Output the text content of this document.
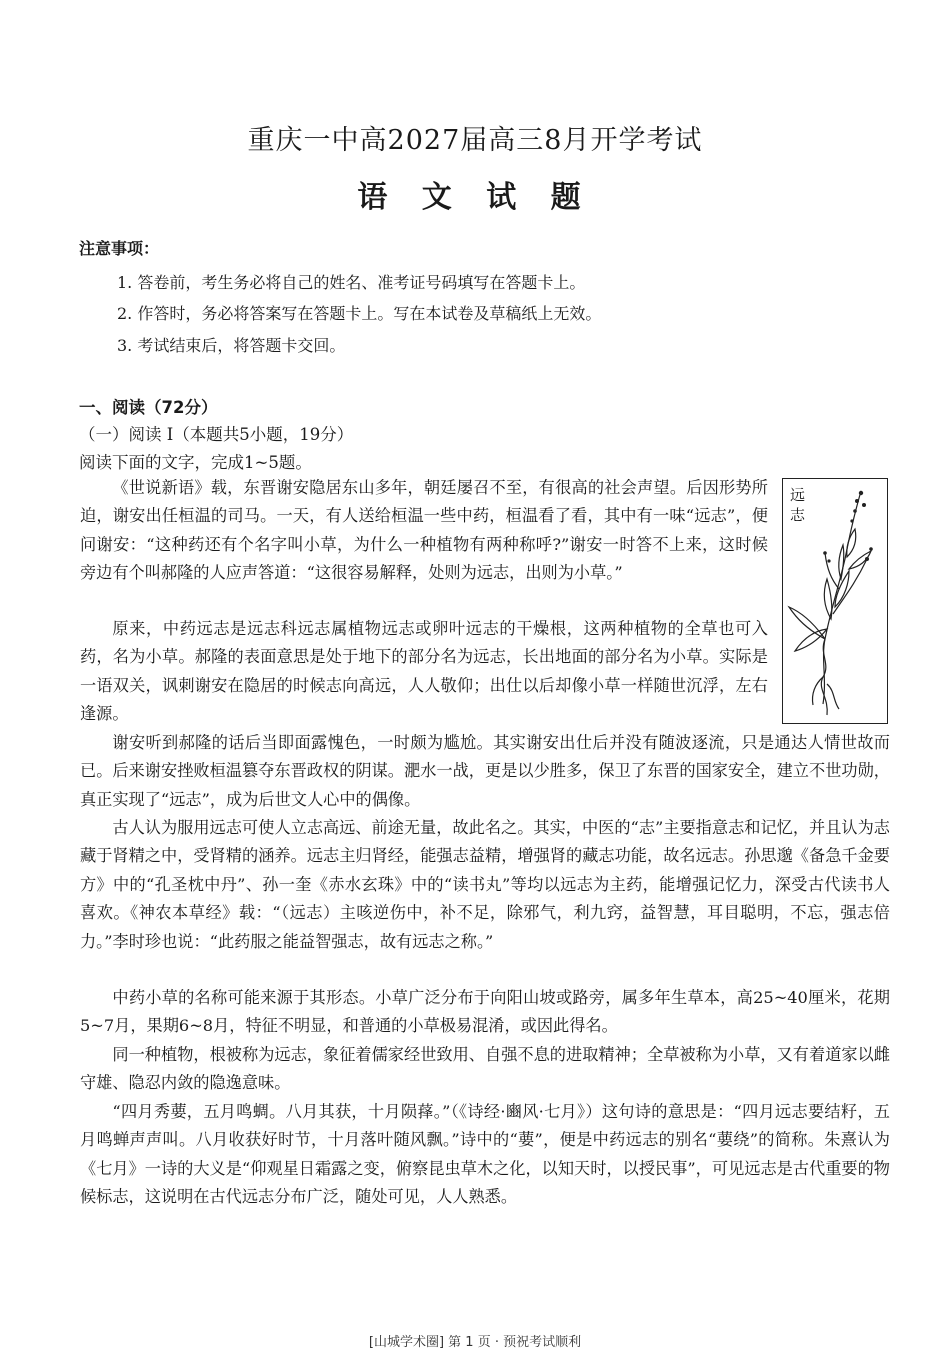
重庆一中高2027届高三8月开学考试
语 文 试 题
注意事项：
1. 答卷前，考生务必将自己的姓名、准考证号码填写在答题卡上。
2. 作答时，务必将答案写在答题卡上。写在本试卷及草稿纸上无效。
3. 考试结束后，将答题卡交回。
一、阅读（72分）
（一）阅读 I（本题共5小题，19分）
阅读下面的文字，完成1~5题。
《世说新语》载，东晋谢安隐居东山多年，朝廷屡召不至，有很高的社会声望。后因形势所迫，谢安出任桓温的司马。一天，有人送给桓温一些中药，桓温看了看，其中有一味“远志”，便问谢安：“这种药还有个名字叫小草，为什么一种植物有两种称呼?”谢安一时答不上来，这时候旁边有个叫郝隆的人应声答道：“这很容易解释，处则为远志，出则为小草。”
原来，中药远志是远志科远志属植物远志或卵叶远志的干燥根，这两种植物的全草也可入药，名为小草。郝隆的表面意思是处于地下的部分名为远志，长出地面的部分名为小草。实际是一语双关，讽刺谢安在隐居的时候志向高远，人人敬仰；出仕以后却像小草一样随世沉浮，左右逢源。
谢安听到郝隆的话后当即面露愧色，一时颇为尴尬。其实谢安出仕后并没有随波逐流，只是通达人情世故而已。后来谢安挫败桓温篡夺东晋政权的阴谋。淝水一战，更是以少胜多，保卫了东晋的国家安全，建立不世功勋，真正实现了“远志”，成为后世文人心中的偶像。
古人认为服用远志可使人立志高远、前途无量，故此名之。其实，中医的“志”主要指意志和记忆，并且认为志藏于肾精之中，受肾精的涵养。远志主归肾经，能强志益精，增强肾的藏志功能，故名远志。孙思邈《备急千金要方》中的“孔圣枕中丹”、孙一奎《赤水玄珠》中的“读书丸”等均以远志为主药，能增强记忆力，深受古代读书人喜欢。《神农本草经》载：“（远志）主咳逆伤中，补不足，除邪气，利九窍，益智慧，耳目聪明，不忘，强志倍力。”李时珍也说：“此药服之能益智强志，故有远志之称。”
中药小草的名称可能来源于其形态。小草广泛分布于向阳山坡或路旁，属多年生草本，高25~40厘米，花期5~7月，果期6~8月，特征不明显，和普通的小草极易混淆，或因此得名。
同一种植物，根被称为远志，象征着儒家经世致用、自强不息的进取精神；全草被称为小草，又有着道家以雌守雄、隐忍内敛的隐逸意味。
“四月秀葽，五月鸣蜩。八月其获，十月陨萚。”（《诗经·豳风·七月》）这句诗的意思是：“四月远志要结籽，五月鸣蝉声声叫。八月收获好时节，十月落叶随风飘。”诗中的“葽”，便是中药远志的别名“葽绕”的简称。朱熹认为《七月》一诗的大义是“仰观星日霜露之变，俯察昆虫草木之化，以知天时，以授民事”，可见远志是古代重要的物候标志，这说明在古代远志分布广泛，随处可见，人人熟悉。
远志
[山城学术圈] 第 1 页 · 预祝考试顺利
